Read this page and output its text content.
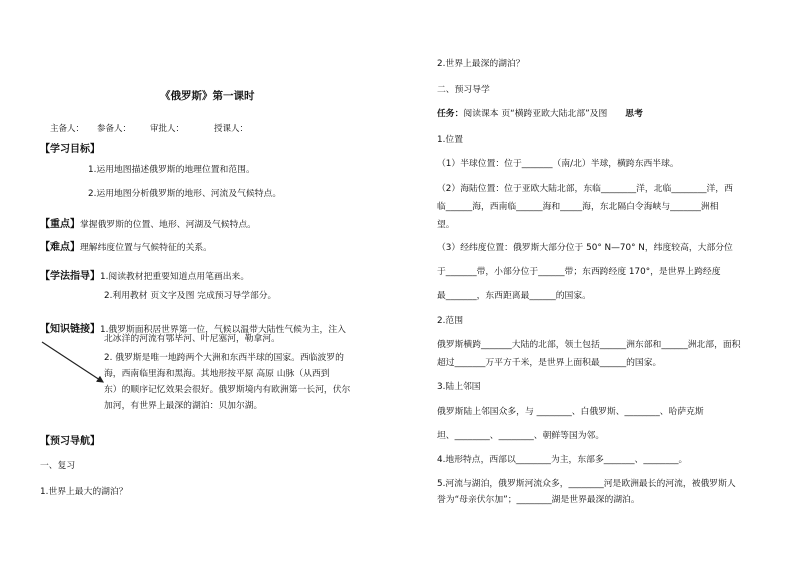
《俄罗斯》第一课时
主备人： 参备人： 审批人：	授课人：
【学习目标】
1.运用地图描述俄罗斯的地理位置和范围。
2.运用地图分析俄罗斯的地形、河流及气候特点。
【重点】掌握俄罗斯的位置、地形、河湖及气候特点。
【难点】理解纬度位置与气候特征的关系。
【学法指导】1.阅读教材把重要知道点用笔画出来。
2.利用教材 页文字及图 完成预习导学部分。
【知识链接】1.俄罗斯面积居世界第一位，气候以温带大陆性气候为主，注入
北冰洋的河流有鄂毕河、叶尼塞河，勒拿河。
2. 俄罗斯是唯一地跨两个大洲和东西半球的国家。西临波罗的
海，西南临里海和黑海。其地形按平原 高原 山脉（从西到
东）的顺序记忆效果会很好。俄罗斯境内有欧洲第一长河，伏尔
加河，有世界上最深的湖泊：贝加尔湖。
【预习导航】
一、复习
1.世界上最大的湖泊？
2.世界上最深的湖泊？
二、预习导学
任务：阅读课本 页“横跨亚欧大陆北部”及图 思考
1.位置
（1）半球位置：位于_______（南/北）半球，横跨东西半球。
（2）海陆位置：位于亚欧大陆北部，东临________洋，北临________洋，西
临______海，西南临______海和_____海，东北隔白令海峡与_______洲相
望。
（3）经纬度位置：俄罗斯大部分位于 50° N—70° N，纬度较高，大部分位
于_______带，小部分位于______带；东西跨经度 170°，是世界上跨经度
最_______，东西距离最______的国家。
2.范围
俄罗斯横跨_______大陆的北部，领土包括______洲东部和______洲北部，面积
超过_______万平方千米，是世界上面积最______的国家。
3.陆上邻国
俄罗斯陆上邻国众多，与 ________、白俄罗斯、________、哈萨克斯
坦、________、________、朝鲜等国为邻。
4.地形特点，西部以________为主，东部多_______、________。
5.河流与湖泊，俄罗斯河流众多，________河是欧洲最长的河流，被俄罗斯人
誉为“母亲伏尔加”；________湖是世界最深的湖泊。
